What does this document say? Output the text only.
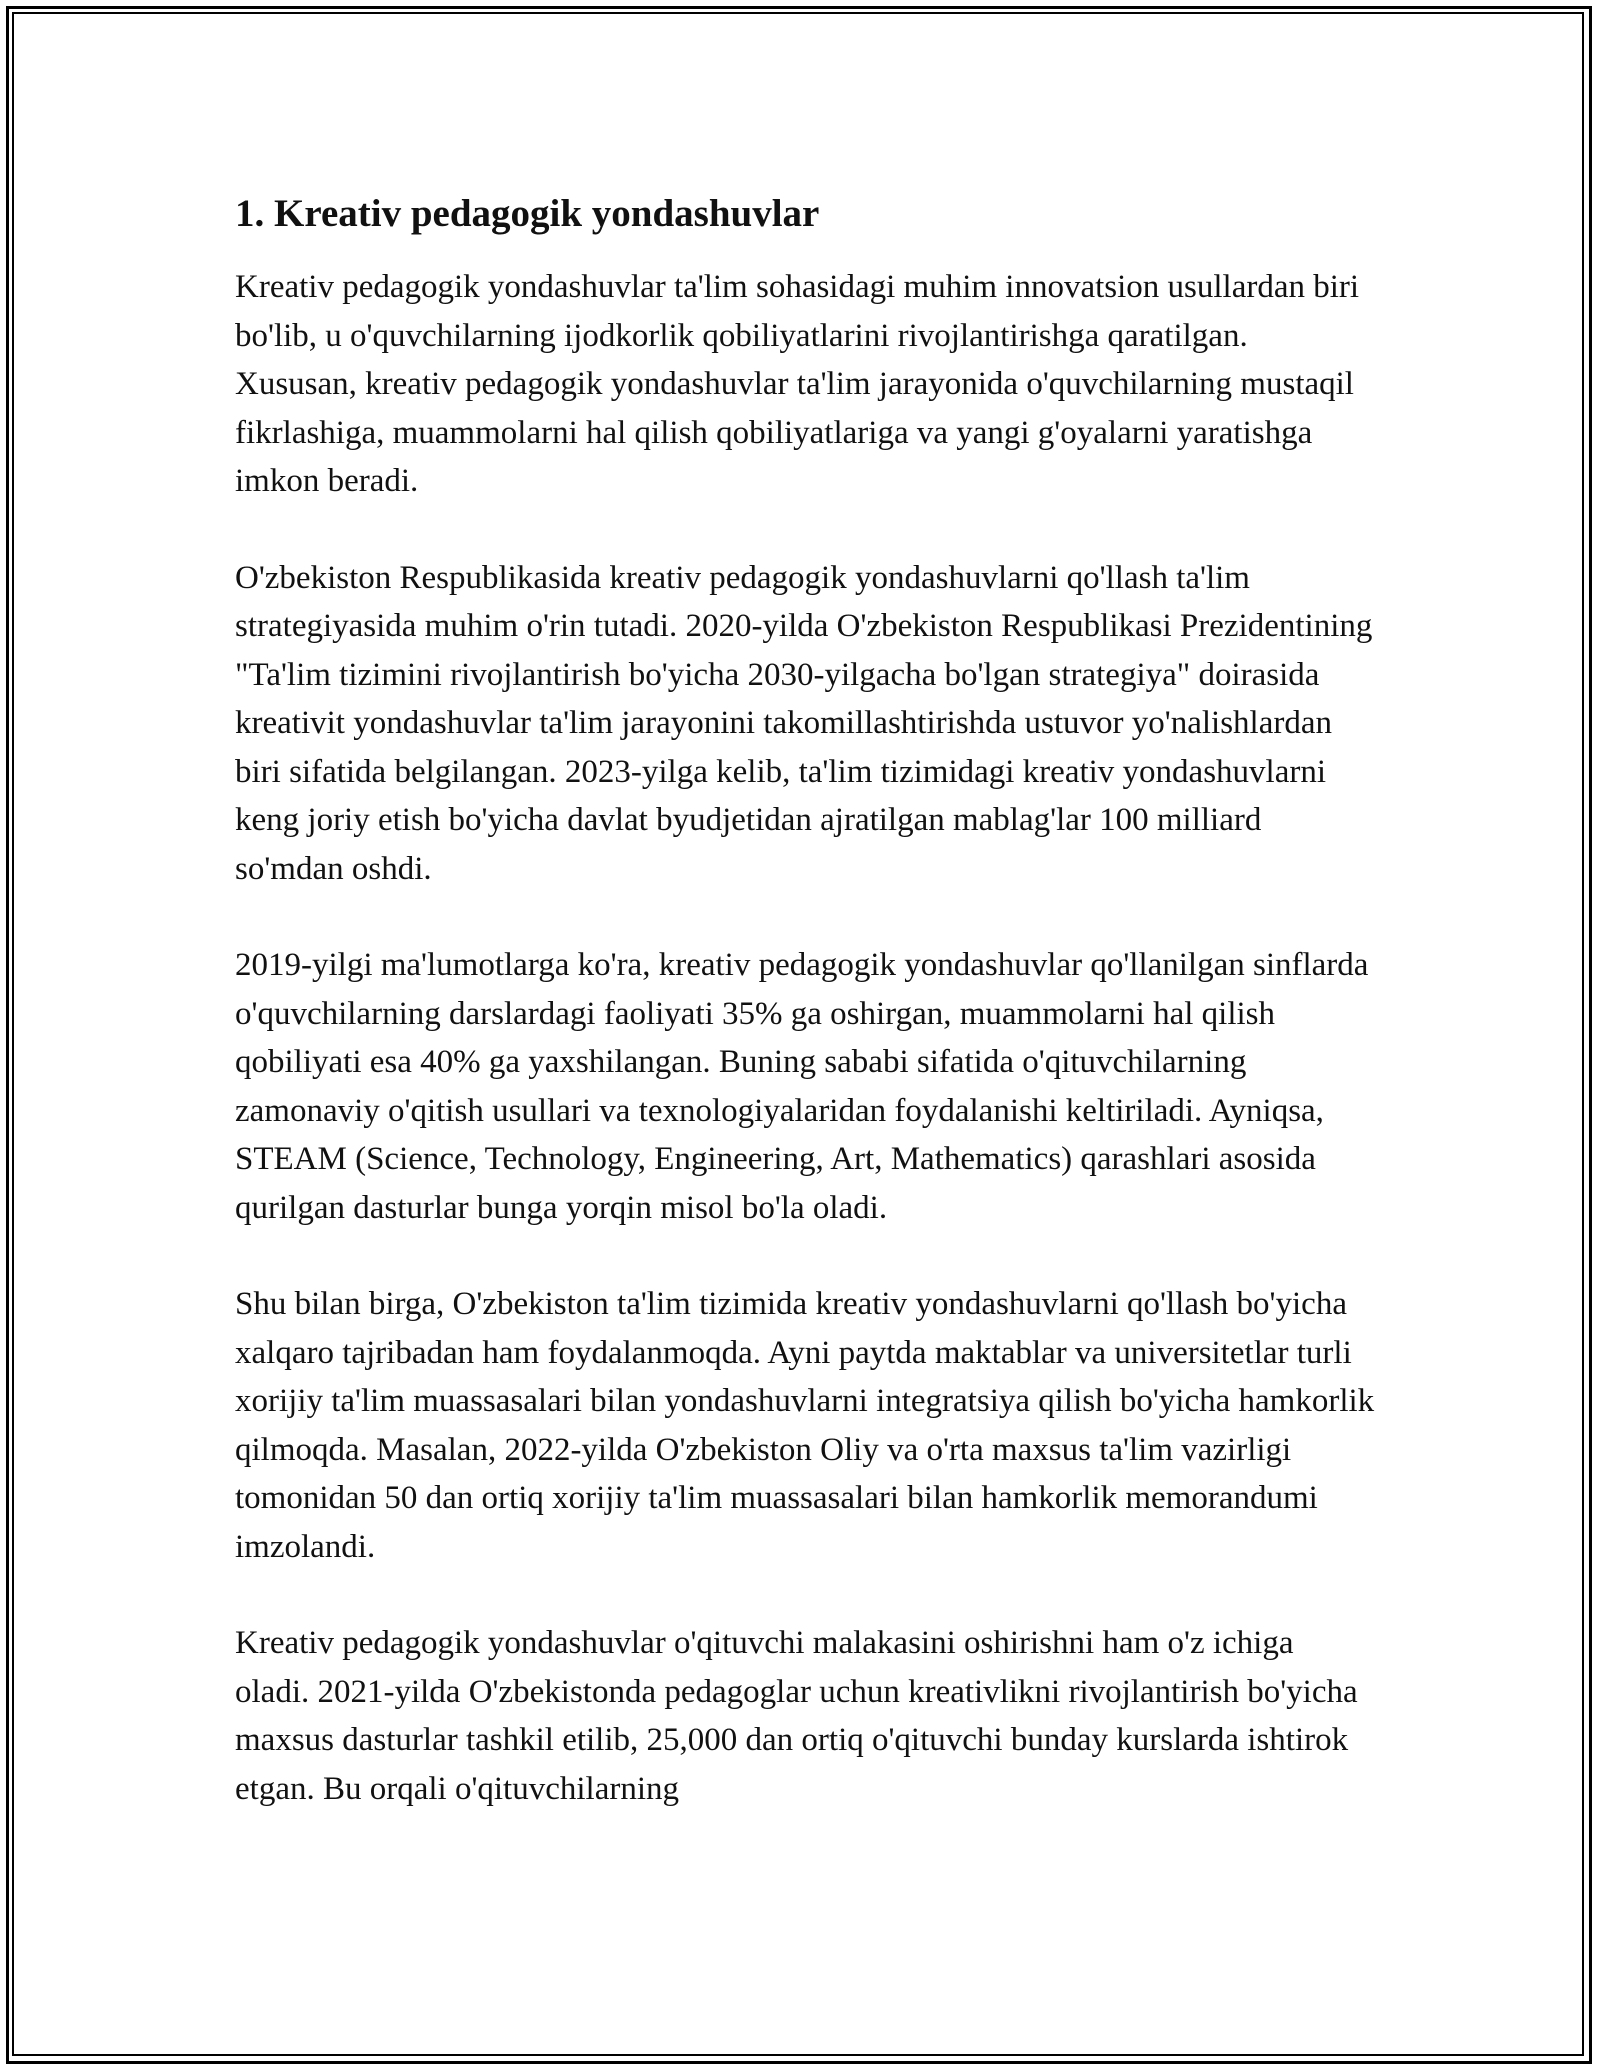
1. Kreativ pedagogik yondashuvlar

Kreativ pedagogik yondashuvlar ta'lim sohasidagi muhim innovatsion usullardan biri bo'lib, u o'quvchilarning ijodkorlik qobiliyatlarini rivojlantirishga qaratilgan. Xususan, kreativ pedagogik yondashuvlar ta'lim jarayonida o'quvchilarning mustaqil fikrlashiga, muammolarni hal qilish qobiliyatlariga va yangi g'oyalarni yaratishga imkon beradi.

O'zbekiston Respublikasida kreativ pedagogik yondashuvlarni qo'llash ta'lim strategiyasida muhim o'rin tutadi. 2020-yilda O'zbekiston Respublikasi Prezidentining "Ta'lim tizimini rivojlantirish bo'yicha 2030-yilgacha bo'lgan strategiya" doirasida kreativit yondashuvlar ta'lim jarayonini takomillashtirishda ustuvor yo'nalishlardan biri sifatida belgilangan. 2023-yilga kelib, ta'lim tizimidagi kreativ yondashuvlarni keng joriy etish bo'yicha davlat byudjetidan ajratilgan mablag'lar 100 milliard so'mdan oshdi.

2019-yilgi ma'lumotlarga ko'ra, kreativ pedagogik yondashuvlar qo'llanilgan sinflarda o'quvchilarning darslardagi faoliyati 35% ga oshirgan, muammolarni hal qilish qobiliyati esa 40% ga yaxshilangan. Buning sababi sifatida o'qituvchilarning zamonaviy o'qitish usullari va texnologiyalaridan foydalanishi keltiriladi. Ayniqsa, STEAM (Science, Technology, Engineering, Art, Mathematics) qarashlari asosida qurilgan dasturlar bunga yorqin misol bo'la oladi.

Shu bilan birga, O'zbekiston ta'lim tizimida kreativ yondashuvlarni qo'llash bo'yicha xalqaro tajribadan ham foydalanmoqda. Ayni paytda maktablar va universitetlar turli xorijiy ta'lim muassasalari bilan yondashuvlarni integratsiya qilish bo'yicha hamkorlik qilmoqda. Masalan, 2022-yilda O'zbekiston Oliy va o'rta maxsus ta'lim vazirligi tomonidan 50 dan ortiq xorijiy ta'lim muassasalari bilan hamkorlik memorandumi imzolandi.

Kreativ pedagogik yondashuvlar o'qituvchi malakasini oshirishni ham o'z ichiga oladi. 2021-yilda O'zbekistonda pedagoglar uchun kreativlikni rivojlantirish bo'yicha maxsus dasturlar tashkil etilib, 25,000 dan ortiq o'qituvchi bunday kurslarda ishtirok etgan. Bu orqali o'qituvchilarning
